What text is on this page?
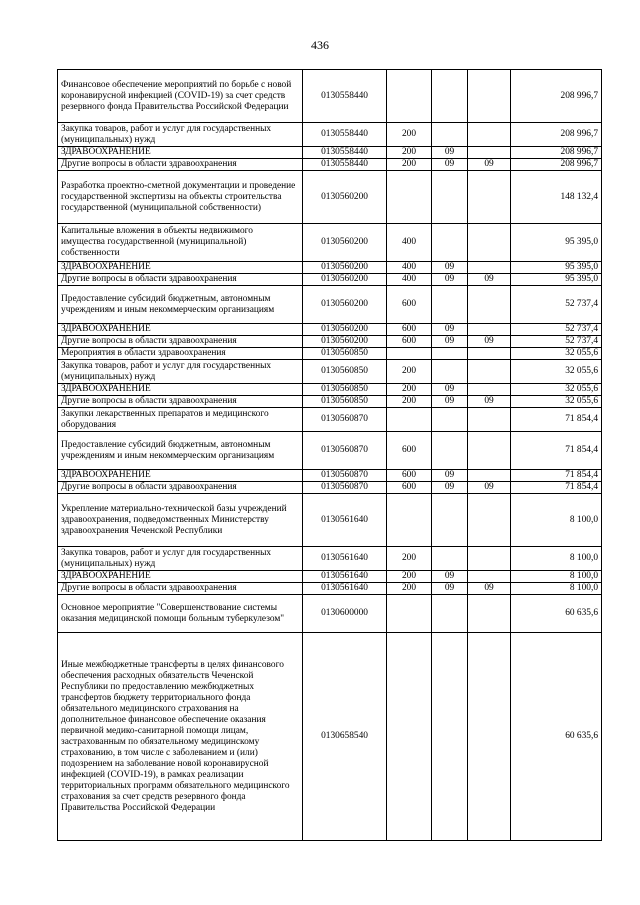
436
Финансовое обеспечение мероприятий по борьбе с новой коронавирусной инфекцией (COVID-19) за счет средств резервного фонда Правительства Российской Федерации	0130558440				208 996,7
Закупка товаров, работ и услуг для государственных (муниципальных) нужд	0130558440	200			208 996,7
ЗДРАВООХРАНЕНИЕ	0130558440	200	09		208 996,7
Другие вопросы в области здравоохранения	0130558440	200	09	09	208 996,7
Разработка проектно-сметной документации и проведение государственной экспертизы на объекты строительства государственной (муниципальной собственности)	0130560200				148 132,4
Капитальные вложения в объекты недвижимого имущества государственной (муниципальной) собственности	0130560200	400			95 395,0
ЗДРАВООХРАНЕНИЕ	0130560200	400	09		95 395,0
Другие вопросы в области здравоохранения	0130560200	400	09	09	95 395,0
Предоставление субсидий бюджетным, автономным учреждениям и иным некоммерческим организациям	0130560200	600			52 737,4
ЗДРАВООХРАНЕНИЕ	0130560200	600	09		52 737,4
Другие вопросы в области здравоохранения	0130560200	600	09	09	52 737,4
Мероприятия в области здравоохранения	0130560850				32 055,6
Закупка товаров, работ и услуг для государственных (муниципальных) нужд	0130560850	200			32 055,6
ЗДРАВООХРАНЕНИЕ	0130560850	200	09		32 055,6
Другие вопросы в области здравоохранения	0130560850	200	09	09	32 055,6
Закупки лекарственных препаратов и медицинского оборудования	0130560870				71 854,4
Предоставление субсидий бюджетным, автономным учреждениям и иным некоммерческим организациям	0130560870	600			71 854,4
ЗДРАВООХРАНЕНИЕ	0130560870	600	09		71 854,4
Другие вопросы в области здравоохранения	0130560870	600	09	09	71 854,4
Укрепление материально-технической базы учреждений здравоохранения, подведомственных Министерству здравоохранения Чеченской Республики	0130561640				8 100,0
Закупка товаров, работ и услуг для государственных (муниципальных) нужд	0130561640	200			8 100,0
ЗДРАВООХРАНЕНИЕ	0130561640	200	09		8 100,0
Другие вопросы в области здравоохранения	0130561640	200	09	09	8 100,0
Основное мероприятие "Совершенствование системы оказания медицинской помощи больным туберкулезом"	0130600000				60 635,6
Иные межбюджетные трансферты в целях финансового обеспечения расходных обязательств Чеченской Республики по предоставлению межбюджетных трансфертов бюджету территориального фонда обязательного медицинского страхования на дополнительное финансовое обеспечение оказания первичной медико-санитарной помощи лицам, застрахованным по обязательному медицинскому страхованию, в том числе с заболеванием и (или) подозрением на заболевание новой коронавирусной инфекцией (COVID-19), в рамках реализации территориальных программ обязательного медицинского страхования за счет средств резервного фонда Правительства Российской Федерации	0130658540				60 635,6
